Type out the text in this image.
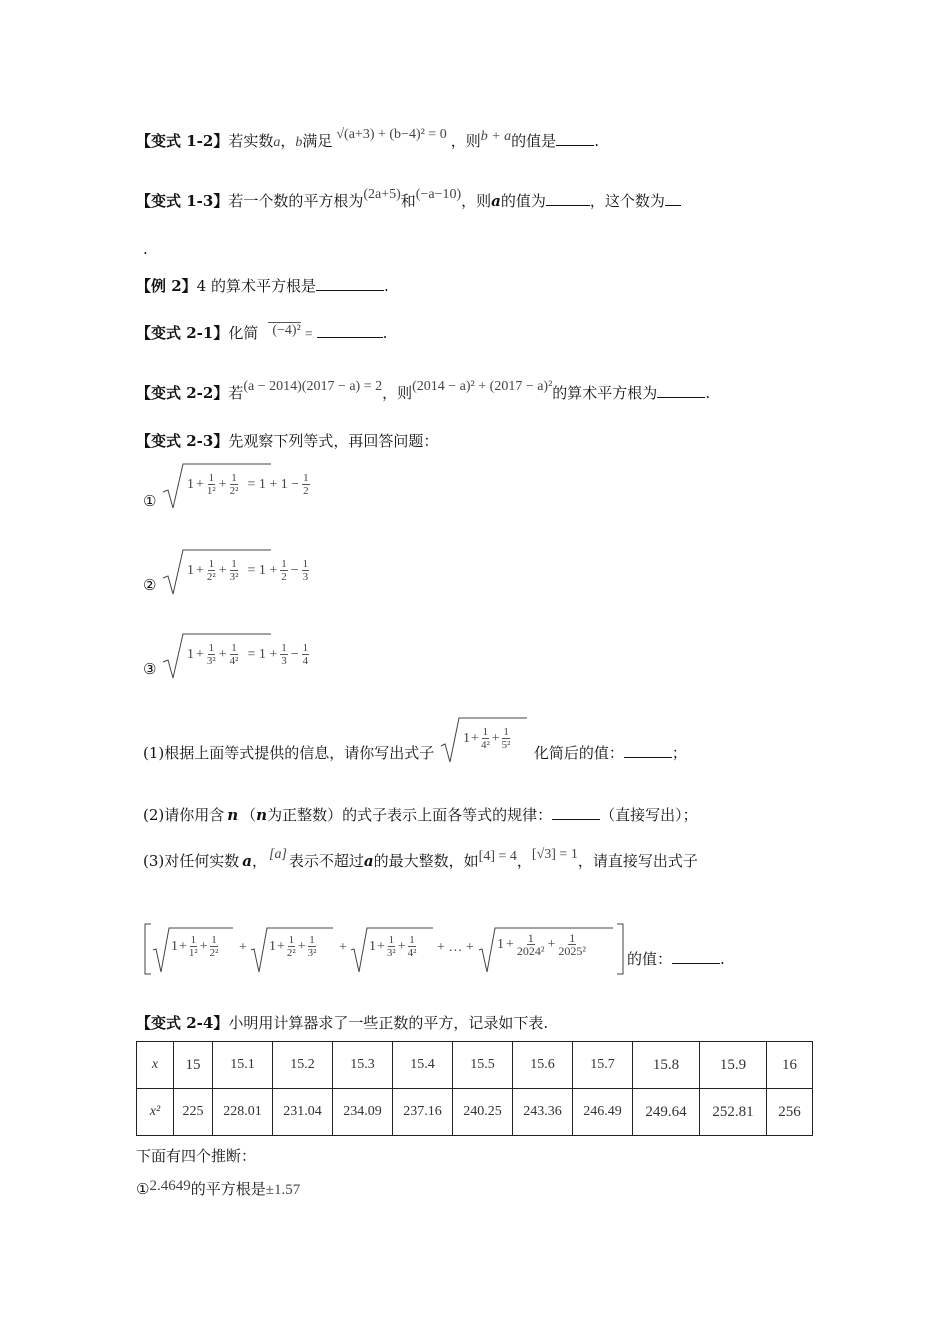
【变式 1-2】若实数a，b满足 √(a+3) + (b−4)² = 0 ，则b + a的值是	.
【变式 1-3】若一个数的平方根为(2a+5)和(−a−10)，则a的值为	，这个数为
.
【例 2】4 的算术平方根是	.
【变式 2-1】化简 (−4)² =	.
【变式 2-2】若(a − 2014)(2017 − a) = 2，则(2014 − a)² + (2017 − a)²的算术平方根为	.
【变式 2-3】先观察下列等式，再回答问题：
①
$1 + \frac{1}{\text{1²}} + \frac{1}{\text{2²}} = 1 + 1 - \frac{1}{2}$
②
$1 + \frac{1}{\text{2²}} + \frac{1}{\text{3²}} = 1 + \frac{1}{2} - \frac{1}{3}$
③
$1 + \frac{1}{\text{3²}} + \frac{1}{\text{4²}} = 1 + \frac{1}{3} - \frac{1}{4}$
(1)根据上面等式提供的信息，请你写出式子
$1 + \frac{1}{\text{4²}} + \frac{1}{\text{5²}}$
化简后的值：	；
(2)请你用含 n （n为正整数）的式子表示上面各等式的规律：	（直接写出）；
(3)对任何实数 a， [a] 表示不超过a的最大整数，如[4] = 4，[√3] = 1，请直接写出式子
$1 + \frac{1}{\text{1²}} + \frac{1}{\text{2²}} + 1 + \frac{1}{\text{2²}} + \frac{1}{\text{3²}} + 1 + \frac{1}{\text{3²}} + \frac{1}{\text{4²}}$ + … + $1 + \frac{1}{\text{2024²}} + \frac{1}{\text{2025²}}$
的值：	.
【变式 2-4】小明用计算器求了一些正数的平方，记录如下表.
x	15	15.1	15.2	15.3	15.4	15.5	15.6	15.7	15.8	15.9	16
x²	225	228.01	231.04	234.09	237.16	240.25	243.36	246.49	249.64	252.81	256
下面有四个推断：
①2.4649的平方根是±1.57
